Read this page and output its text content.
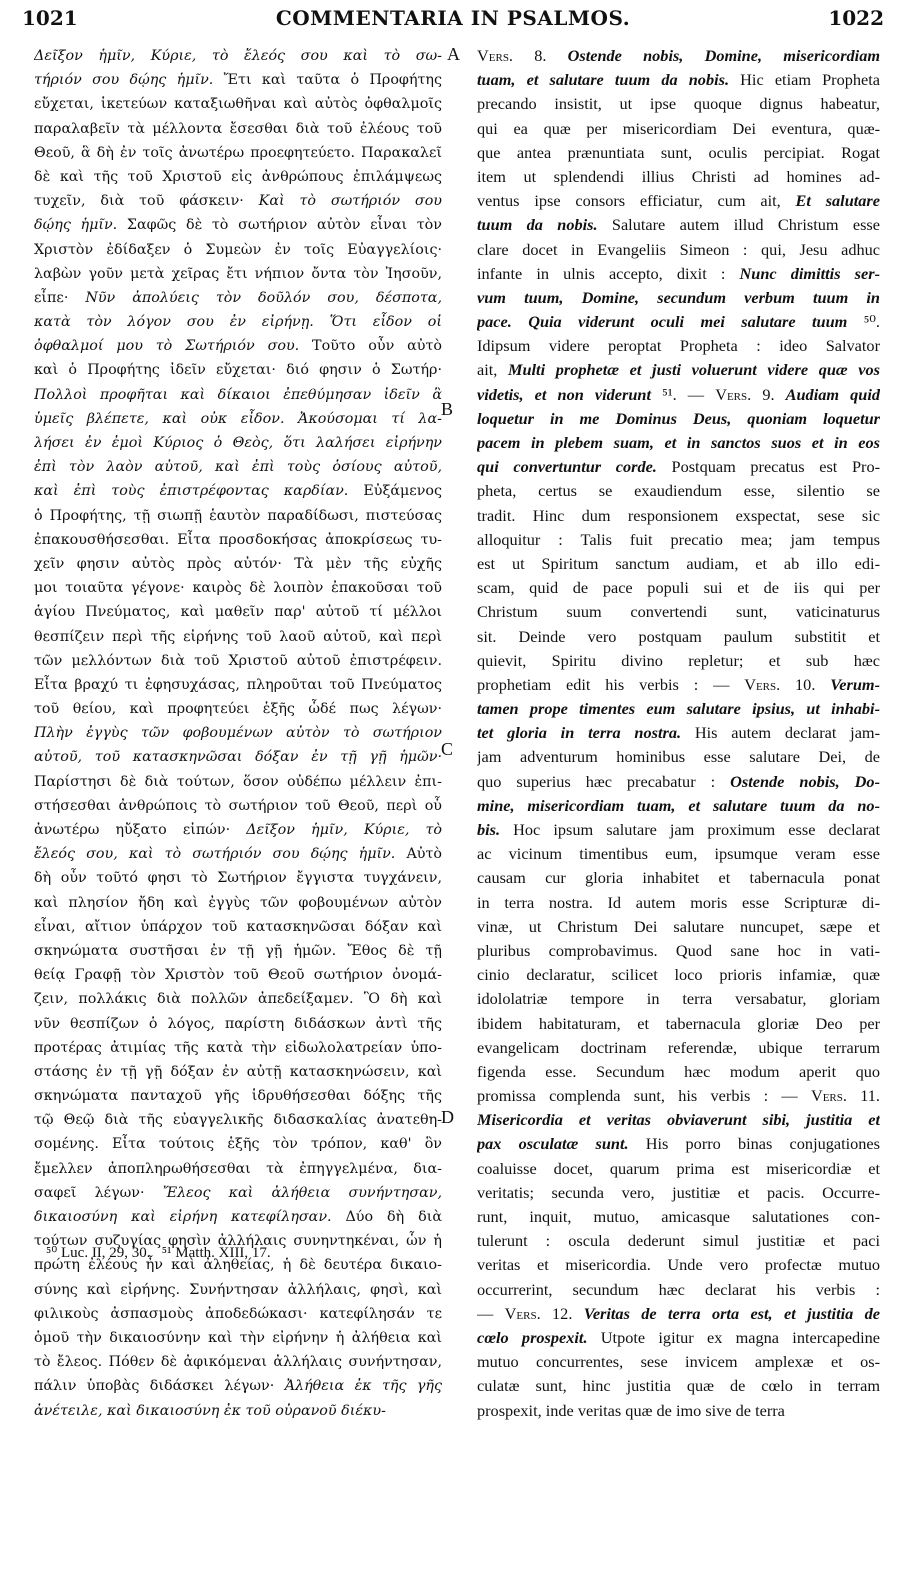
1021	COMMENTARIA IN PSALMOS.	1022
Δεῖξον ἡμῖν, Κύριε, τὸ ἔλεός σου καὶ τὸ σω-
τήριόν σου δῴης ἡμῖν. Ἔτι καὶ ταῦτα ὁ Προφήτης
εὔχεται, ἱκετεύων καταξιωθῆναι καὶ αὐτὸς ὀφθαλμοῖς
παραλαβεῖν τὰ μέλλοντα ἔσεσθαι διὰ τοῦ ἐλέους τοῦ
Θεοῦ, ἃ δὴ ἐν τοῖς ἀνωτέρω προεφητεύετο. Παρακαλεῖ
δὲ καὶ τῆς τοῦ Χριστοῦ εἰς ἀνθρώπους ἐπιλάμψεως
τυχεῖν, διὰ τοῦ φάσκειν· Καὶ τὸ σωτήριόν σου
δῴης ἡμῖν. Σαφῶς δὲ τὸ σωτήριον αὐτὸν εἶναι τὸν
Χριστὸν ἐδίδαξεν ὁ Συμεὼν ἐν τοῖς Εὐαγγελίοις·
λαβὼν γοῦν μετὰ χεῖρας ἔτι νήπιον ὄντα τὸν Ἰησοῦν,
εἶπε· Νῦν ἀπολύεις τὸν δοῦλόν σου, δέσποτα,
κατὰ τὸν λόγον σου ἐν εἰρήνῃ. Ὅτι εἶδον οἱ
ὀφθαλμοί μου τὸ Σωτήριόν σου. Τοῦτο οὖν αὐτὸ
καὶ ὁ Προφήτης ἰδεῖν εὔχεται· διό φησιν ὁ Σωτήρ·
Πολλοὶ προφῆται καὶ δίκαιοι ἐπεθύμησαν ἰδεῖν ἃ
ὑμεῖς βλέπετε, καὶ οὐκ εἶδον. Ἀκούσομαι τί λα-
λήσει ἐν ἐμοὶ Κύριος ὁ Θεὸς, ὅτι λαλήσει εἰρήνην
ἐπὶ τὸν λαὸν αὐτοῦ, καὶ ἐπὶ τοὺς ὁσίους αὐτοῦ,
καὶ ἐπὶ τοὺς ἐπιστρέφοντας καρδίαν. Εὐξάμενος
ὁ Προφήτης, τῇ σιωπῇ ἑαυτὸν παραδίδωσι, πιστεύσας
ἐπακουσθήσεσθαι. Εἶτα προσδοκήσας ἀποκρίσεως τυ-
χεῖν φησιν αὐτὸς πρὸς αὐτόν· Τὰ μὲν τῆς εὐχῆς
μοι τοιαῦτα γέγονε· καιρὸς δὲ λοιπὸν ἐπακοῦσαι τοῦ
ἁγίου Πνεύματος, καὶ μαθεῖν παρ' αὐτοῦ τί μέλλοι
θεσπίζειν περὶ τῆς εἰρήνης τοῦ λαοῦ αὐτοῦ, καὶ περὶ
τῶν μελλόντων διὰ τοῦ Χριστοῦ αὐτοῦ ἐπιστρέφειν.
Εἶτα βραχύ τι ἐφησυχάσας, πληροῦται τοῦ Πνεύματος
τοῦ θείου, καὶ προφητεύει ἑξῆς ὧδέ πως λέγων·
Πλὴν ἐγγὺς τῶν φοβουμένων αὐτὸν τὸ σωτήριον
αὐτοῦ, τοῦ κατασκηνῶσαι δόξαν ἐν τῇ γῇ ἡμῶν·
Παρίστησι δὲ διὰ τούτων, ὅσον οὐδέπω μέλλειν ἐπι-
στήσεσθαι ἀνθρώποις τὸ σωτήριον τοῦ Θεοῦ, περὶ οὗ
ἀνωτέρω ηὔξατο εἰπών· Δεῖξον ἡμῖν, Κύριε, τὸ
ἔλεός σου, καὶ τὸ σωτήριόν σου δῴης ἡμῖν. Αὐτὸ
δὴ οὖν τοῦτό φησι τὸ Σωτήριον ἔγγιστα τυγχάνειν,
καὶ πλησίον ἤδη καὶ ἐγγὺς τῶν φοβουμένων αὐτὸν
εἶναι, αἴτιον ὑπάρχον τοῦ κατασκηνῶσαι δόξαν καὶ
σκηνώματα συστῆσαι ἐν τῇ γῇ ἡμῶν. Ἔθος δὲ τῇ
θείᾳ Γραφῇ τὸν Χριστὸν τοῦ Θεοῦ σωτήριον ὀνομά-
ζειν, πολλάκις διὰ πολλῶν ἀπεδείξαμεν. Ὃ δὴ καὶ
νῦν θεσπίζων ὁ λόγος, παρίστη διδάσκων ἀντὶ τῆς
προτέρας ἀτιμίας τῆς κατὰ τὴν εἰδωλολατρείαν ὑπο-
στάσης ἐν τῇ γῇ δόξαν ἐν αὐτῇ κατασκηνώσειν, καὶ
σκηνώματα πανταχοῦ γῆς ἱδρυθήσεσθαι δόξης τῆς
τῷ Θεῷ διὰ τῆς εὐαγγελικῆς διδασκαλίας ἀνατεθη-
σομένης. Εἶτα τούτοις ἑξῆς τὸν τρόπον, καθ' ὃν
ἔμελλεν ἀποπληρωθήσεσθαι τὰ ἐπηγγελμένα, δια-
σαφεῖ λέγων· Ἔλεος καὶ ἀλήθεια συνήντησαν,
δικαιοσύνη καὶ εἰρήνη κατεφίλησαν. Δύο δὴ διὰ
τούτων συζυγίας φησὶν ἀλλήλαις συνηντηκέναι, ὧν ἡ
πρώτη ἐλέους ἦν καὶ ἀληθείας, ἡ δὲ δευτέρα δικαιο-
σύνης καὶ εἰρήνης. Συνήντησαν ἀλλήλαις, φησὶ, καὶ
φιλικοὺς ἀσπασμοὺς ἀποδεδώκασι· κατεφίλησάν τε
ὁμοῦ τὴν δικαιοσύνην καὶ τὴν εἰρήνην ἡ ἀλήθεια καὶ
τὸ ἔλεος. Πόθεν δὲ ἀφικόμεναι ἀλλήλαις συνήντησαν,
πάλιν ὑποβὰς διδάσκει λέγων· Ἀλήθεια ἐκ τῆς γῆς
ἀνέτειλε, καὶ δικαιοσύνη ἐκ τοῦ οὐρανοῦ διέκυ-
Vers. 8. Ostende nobis, Domine, misericordiam
tuam, et salutare tuum da nobis. Hic etiam Propheta
precando insistit, ut ipse quoque dignus habeatur,
qui ea quæ per misericordiam Dei eventura, quæ-
que antea prænuntiata sunt, oculis percipiat. Rogat
item ut splendendi illius Christi ad homines ad-
ventus ipse consors efficiatur, cum ait, Et salutare
tuum da nobis. Salutare autem illud Christum esse
clare docet in Evangeliis Simeon : qui, Jesu adhuc
infante in ulnis accepto, dixit : Nunc dimittis ser-
vum tuum, Domine, secundum verbum tuum in
pace. Quia viderunt oculi mei salutare tuum ⁵⁰.
Idipsum videre peroptat Propheta : ideo Salvator
ait, Multi prophetæ et justi voluerunt videre quæ vos
videtis, et non viderunt ⁵¹. — Vers. 9. Audiam quid
loquetur in me Dominus Deus, quoniam loquetur
pacem in plebem suam, et in sanctos suos et in eos
qui convertuntur corde. Postquam precatus est Pro-
pheta, certus se exaudiendum esse, silentio se
tradit. Hinc dum responsionem exspectat, sese sic
alloquitur : Talis fuit precatio mea; jam tempus
est ut Spiritum sanctum audiam, et ab illo edi-
scam, quid de pace populi sui et de iis qui per
Christum suum convertendi sunt, vaticinaturus
sit. Deinde vero postquam paulum substitit et
quievit, Spiritu divino repletur; et sub hæc
prophetiam edit his verbis : — Vers. 10. Verum-
tamen prope timentes eum salutare ipsius, ut inhabi-
tet gloria in terra nostra. His autem declarat jam-
jam adventurum hominibus esse salutare Dei, de
quo superius hæc precabatur : Ostende nobis, Do-
mine, misericordiam tuam, et salutare tuum da no-
bis. Hoc ipsum salutare jam proximum esse declarat
ac vicinum timentibus eum, ipsumque veram esse
causam cur gloria inhabitet et tabernacula ponat
in terra nostra. Id autem moris esse Scripturæ di-
vinæ, ut Christum Dei salutare nuncupet, sæpe et
pluribus comprobavimus. Quod sane hoc in vati-
cinio declaratur, scilicet loco prioris infamiæ, quæ
idololatriæ tempore in terra versabatur, gloriam
ibidem habitaturam, et tabernacula gloriæ Deo per
evangelicam doctrinam referendæ, ubique terrarum
figenda esse. Secundum hæc modum aperit quo
promissa complenda sunt, his verbis : — Vers. 11.
Misericordia et veritas obviaverunt sibi, justitia et
pax osculatæ sunt. His porro binas conjugationes
coaluisse docet, quarum prima est misericordiæ et
veritatis; secunda vero, justitiæ et pacis. Occurre-
runt, inquit, mutuo, amicasque salutationes con-
tulerunt : oscula dederunt simul justitiæ et paci
veritas et misericordia. Unde vero profectæ mutuo
occurrerint, secundum hæc declarat his verbis :
— Vers. 12. Veritas de terra orta est, et justitia de
cœlo prospexit. Utpote igitur ex magna intercapedine
mutuo concurrentes, sese invicem amplexæ et os-
culatæ sunt, hinc justitia quæ de cœlo in terram
prospexit, inde veritas quæ de imo sive de terra
A
B
C
D
⁵⁰ Luc. II, 29, 30.   ⁵¹ Matth. XIII, 17.
